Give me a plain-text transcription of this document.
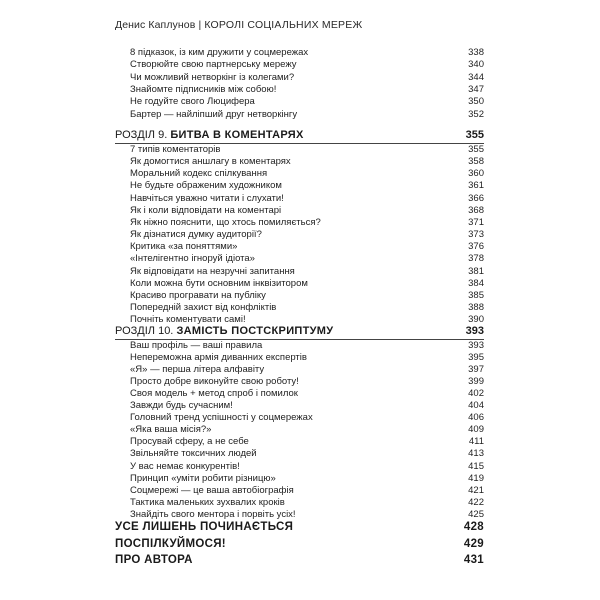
Денис Каплунов | КОРОЛІ СОЦІАЛЬНИХ МЕРЕЖ
8 підказок, із ким дружити у соцмережах	338
Створюйте свою партнерську мережу	340
Чи можливий нетворкінг із колегами?	344
Знайомте підписників між собою!	347
Не годуйте свого Люцифера	350
Бартер — найліпший друг нетворкінгу	352
РОЗДІЛ 9. БИТВА В КОМЕНТАРЯХ	355
7 типів коментаторів	355
Як домогтися аншлагу в коментарях	358
Моральний кодекс спілкування	360
Не будьте ображеним художником	361
Навчіться уважно читати і слухати!	366
Як і коли відповідати на коментарі	368
Як ніжно пояснити, що хтось помиляється?	371
Як дізнатися думку аудиторії?	373
Критика «за поняттями»	376
«Інтелігентно ігноруй ідіота»	378
Як відповідати на незручні запитання	381
Коли можна бути основним інквізитором	384
Красиво програвати на публіку	385
Попередній захист від конфліктів	388
Почніть коментувати самі!	390
РОЗДІЛ 10. ЗАМІСТЬ ПОСТСКРИПТУМУ	393
Ваш профіль — ваші правила	393
Непереможна армія диванних експертів	395
«Я» — перша літера алфавіту	397
Просто добре виконуйте свою роботу!	399
Своя модель + метод спроб і помилок	402
Завжди будь сучасним!	404
Головний тренд успішності у соцмережах	406
«Яка ваша місія?»	409
Просувай сферу, а не себе	411
Звільняйте токсичних людей	413
У вас немає конкурентів!	415
Принцип «уміти робити різницю»	419
Соцмережі — це ваша автобіографія	421
Тактика маленьких зухвалих кроків	422
Знайдіть свого ментора і порвіть усіх!	425
УСЕ ЛИШЕНЬ ПОЧИНАЄТЬСЯ	428
ПОСПІЛКУЙМОСЯ!	429
ПРО АВТОРА	431
